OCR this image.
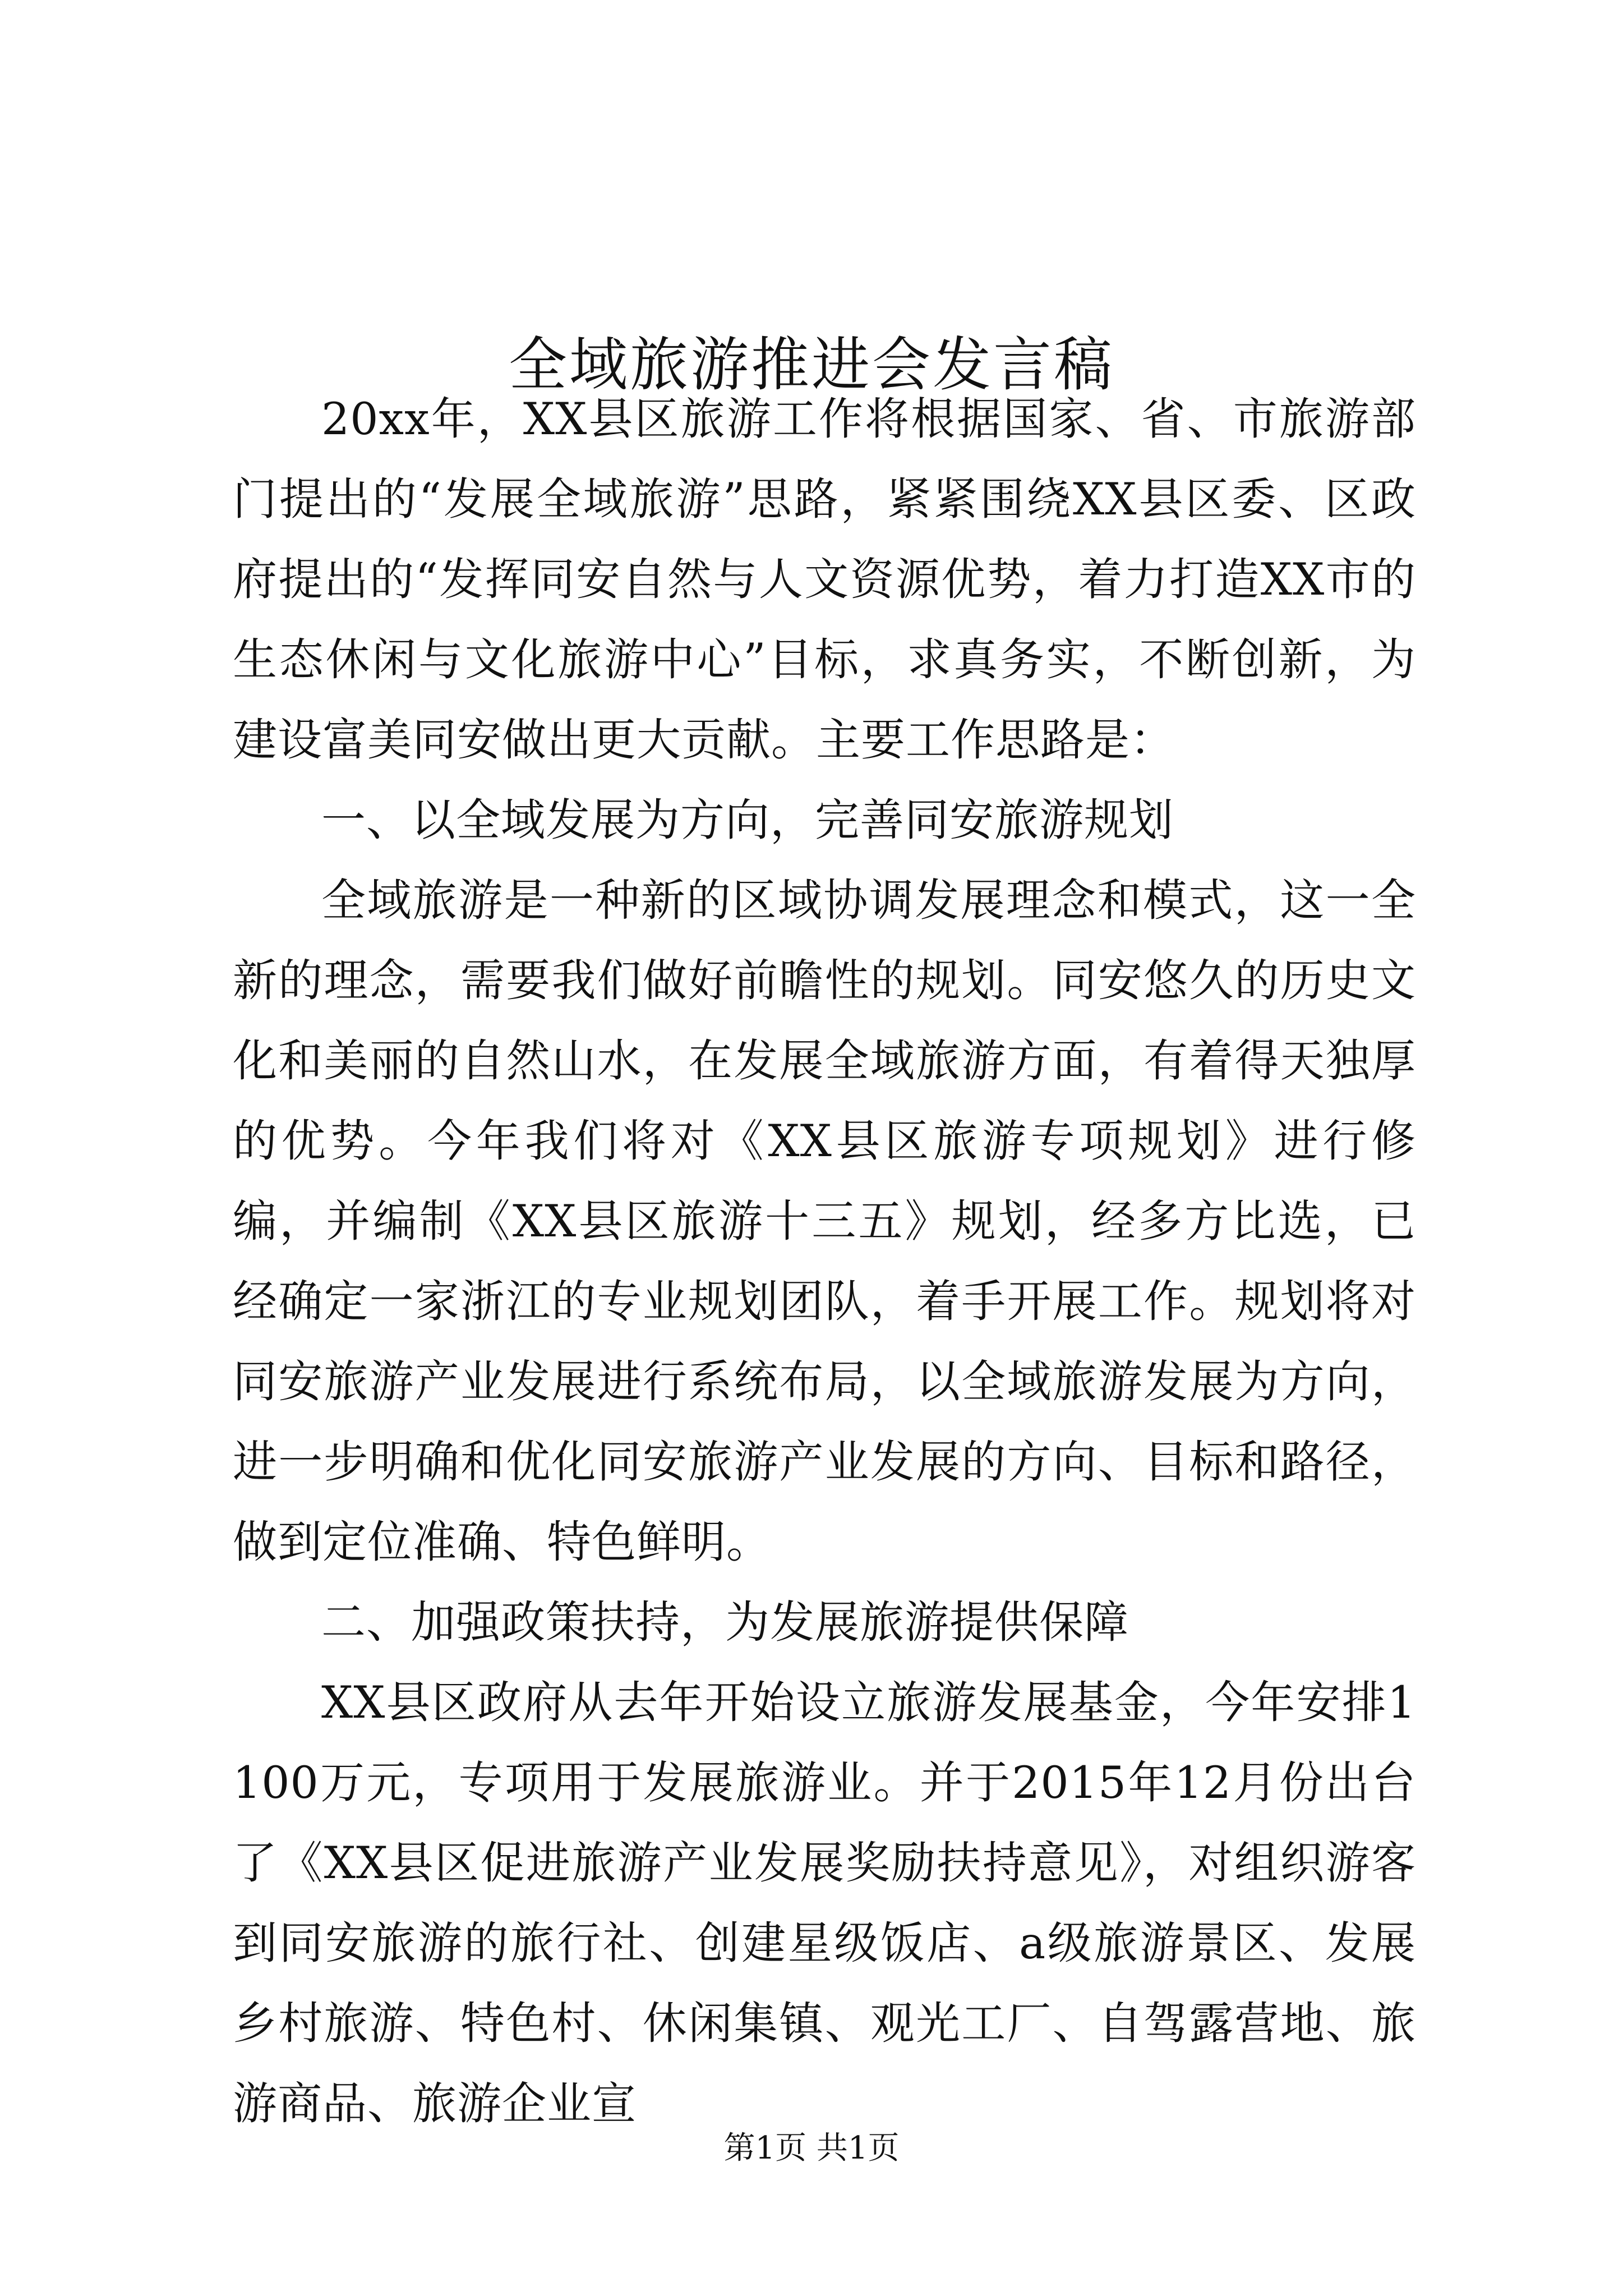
全域旅游推进会发言稿

20xx年，XX县区旅游工作将根据国家、省、市旅游部门提出的“发展全域旅游”思路，紧紧围绕XX县区委、区政府提出的“发挥同安自然与人文资源优势，着力打造XX市的生态休闲与文化旅游中心”目标，求真务实，不断创新，为建设富美同安做出更大贡献。主要工作思路是：

一、以全域发展为方向，完善同安旅游规划

全域旅游是一种新的区域协调发展理念和模式，这一全新的理念，需要我们做好前瞻性的规划。同安悠久的历史文化和美丽的自然山水，在发展全域旅游方面，有着得天独厚的优势。今年我们将对《XX县区旅游专项规划》进行修编，并编制《XX县区旅游十三五》规划，经多方比选，已经确定一家浙江的专业规划团队，着手开展工作。规划将对同安旅游产业发展进行系统布局，以全域旅游发展为方向，进一步明确和优化同安旅游产业发展的方向、目标和路径，做到定位准确、特色鲜明。

二、加强政策扶持，为发展旅游提供保障

XX县区政府从去年开始设立旅游发展基金，今年安排1100万元，专项用于发展旅游业。并于2015年12月份出台了《XX县区促进旅游产业发展奖励扶持意见》，对组织游客到同安旅游的旅行社、创建星级饭店、a级旅游景区、发展乡村旅游、特色村、休闲集镇、观光工厂、自驾露营地、旅游商品、旅游企业宣

第1页 共1页
